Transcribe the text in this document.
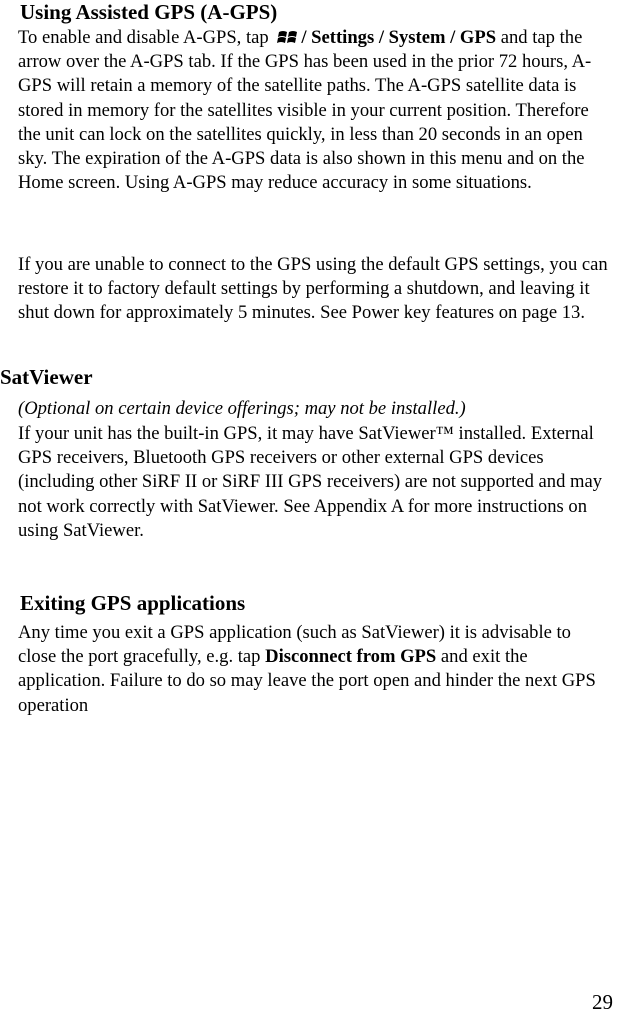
Using Assisted GPS (A-GPS)

To enable and disable A-GPS, tap / Settings / System / GPS and tap the arrow over the A-GPS tab. If the GPS has been used in the prior 72 hours, A-GPS will retain a memory of the satellite paths. The A-GPS satellite data is stored in memory for the satellites visible in your current position. Therefore the unit can lock on the satellites quickly, in less than 20 seconds in an open sky. The expiration of the A-GPS data is also shown in this menu and on the Home screen. Using A-GPS may reduce accuracy in some situations.

If you are unable to connect to the GPS using the default GPS settings, you can restore it to factory default settings by performing a shutdown, and leaving it shut down for approximately 5 minutes. See Power key features on page 13.

SatViewer

(Optional on certain device offerings; may not be installed.)

If your unit has the built-in GPS, it may have SatViewer™ installed. External GPS receivers, Bluetooth GPS receivers or other external GPS devices (including other SiRF II or SiRF III GPS receivers) are not supported and may not work correctly with SatViewer. See Appendix A for more instructions on using SatViewer.

Exiting GPS applications

Any time you exit a GPS application (such as SatViewer) it is advisable to close the port gracefully, e.g. tap Disconnect from GPS and exit the application. Failure to do so may leave the port open and hinder the next GPS operation

29
